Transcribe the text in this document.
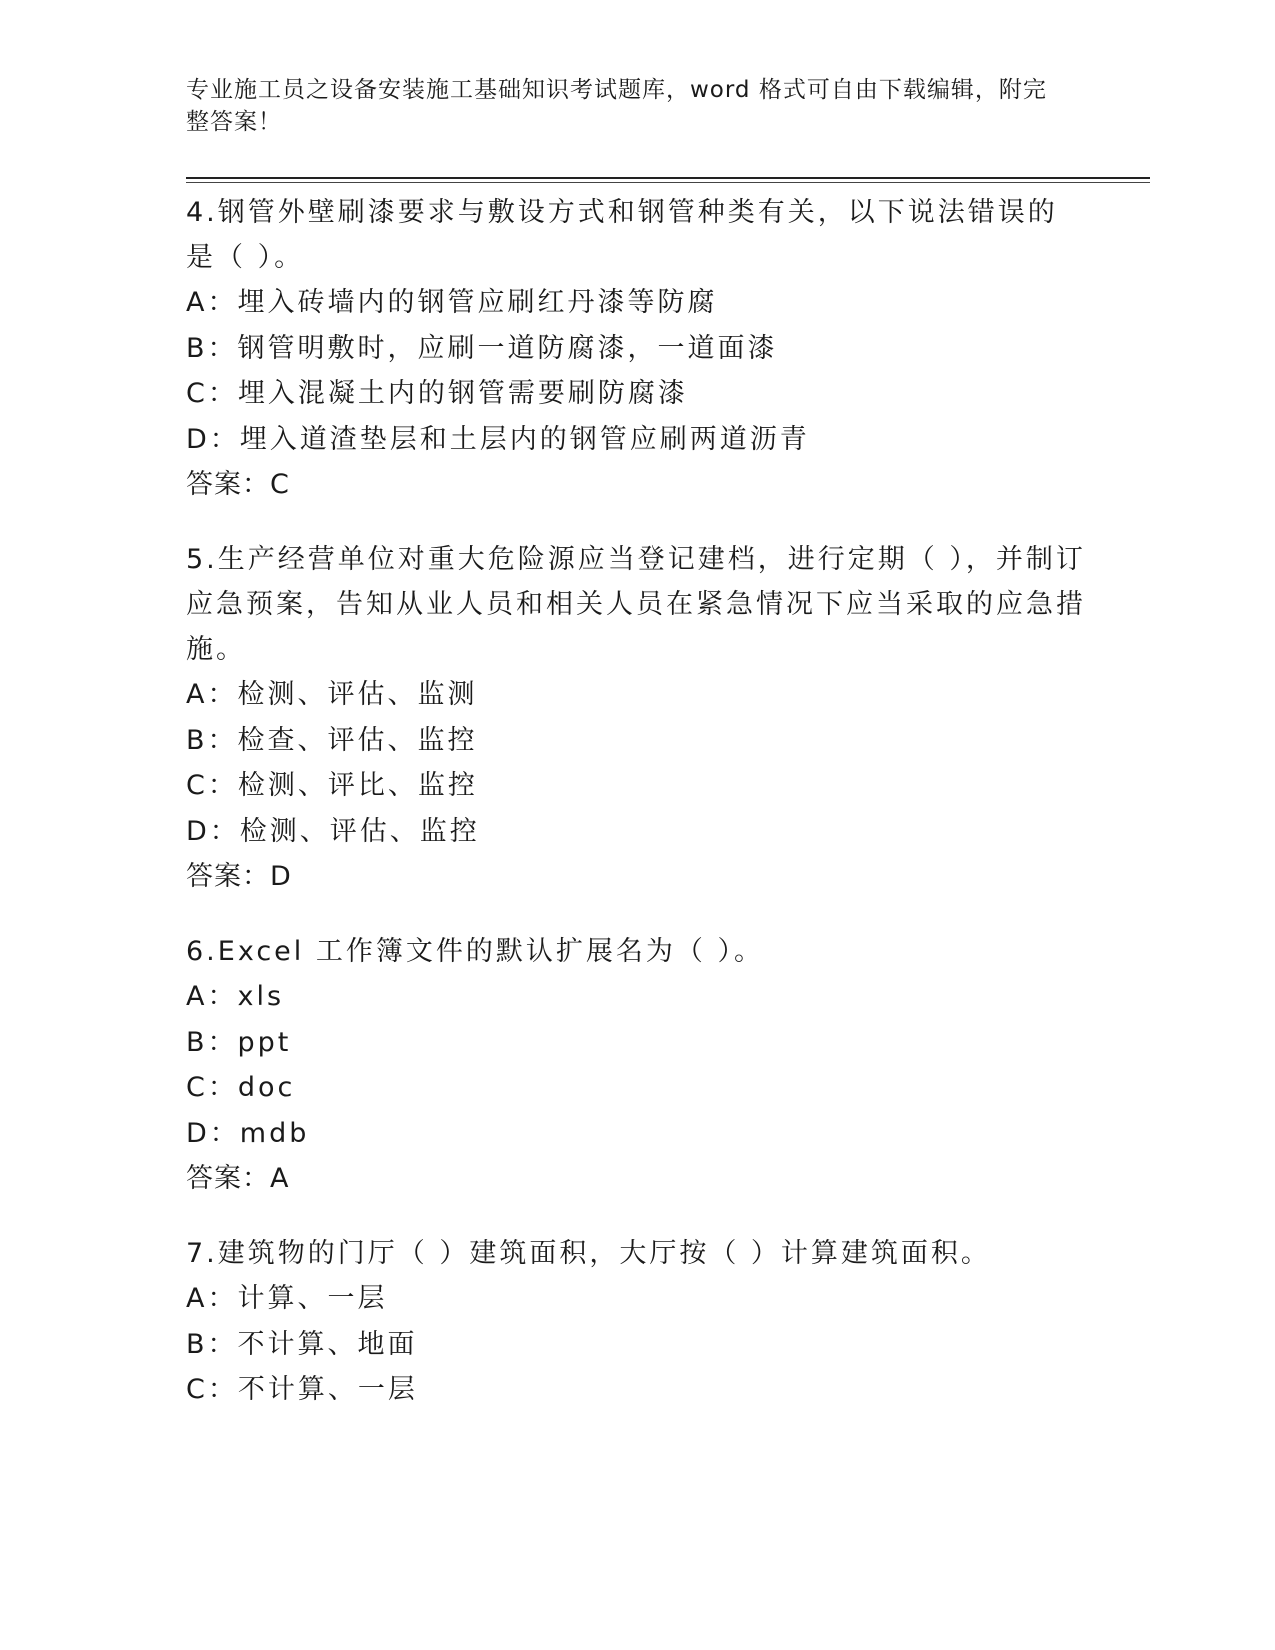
专业施工员之设备安装施工基础知识考试题库，word 格式可自由下载编辑，附完整答案！
4.钢管外壁刷漆要求与敷设方式和钢管种类有关，以下说法错误的是（ ）。
A：埋入砖墙内的钢管应刷红丹漆等防腐
B：钢管明敷时，应刷一道防腐漆，一道面漆
C：埋入混凝土内的钢管需要刷防腐漆
D：埋入道渣垫层和土层内的钢管应刷两道沥青
答案：C
5.生产经营单位对重大危险源应当登记建档，进行定期（ ），并制订应急预案，告知从业人员和相关人员在紧急情况下应当采取的应急措施。
A：检测、评估、监测
B：检查、评估、监控
C：检测、评比、监控
D：检测、评估、监控
答案：D
6.Excel 工作簿文件的默认扩展名为（ ）。
A：xls
B：ppt
C：doc
D：mdb
答案：A
7.建筑物的门厅（ ）建筑面积，大厅按（ ）计算建筑面积。
A：计算、一层
B：不计算、地面
C：不计算、一层
